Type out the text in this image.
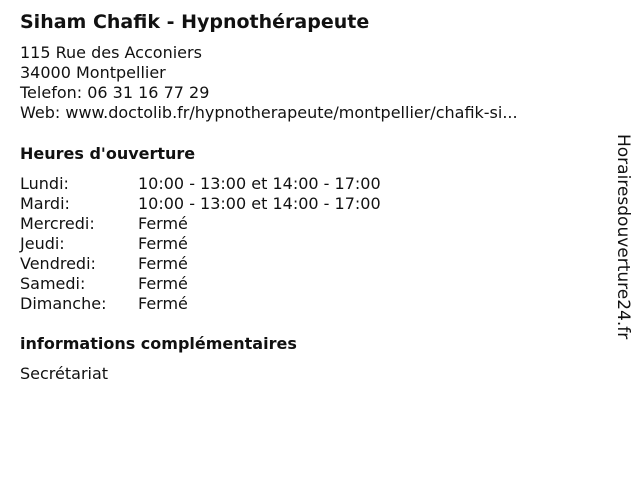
Siham Chafik - Hypnothérapeute
115 Rue des Acconiers
34000 Montpellier
Telefon: 06 31 16 77 29
Web: www.doctolib.fr/hypnotherapeute/montpellier/chafik-si...
Heures d'ouverture
Lundi:	10:00 - 13:00 et 14:00 - 17:00
Mardi:	10:00 - 13:00 et 14:00 - 17:00
Mercredi:	Fermé
Jeudi:	Fermé
Vendredi:	Fermé
Samedi:	Fermé
Dimanche:	Fermé
informations complémentaires
Secrétariat
Horairesdouverture24.fr
